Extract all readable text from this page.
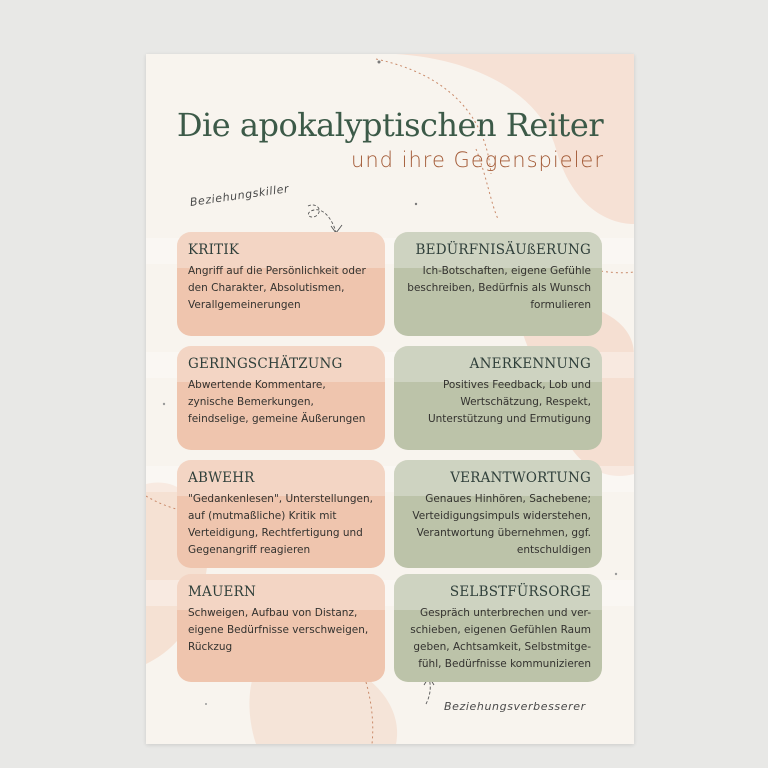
Die apokalyptischen Reiter
und ihre Gegenspieler
Beziehungskiller
KRITIK
Angriff auf die Persönlichkeit oder
den Charakter, Absolutismen,
Verallgemeinerungen
BEDÜRFNISÄUßERUNG
Ich-Botschaften, eigene Gefühle
beschreiben, Bedürfnis als Wunsch
formulieren
GERINGSCHÄTZUNG
Abwertende Kommentare,
zynische Bemerkungen,
feindselige, gemeine Äußerungen
ANERKENNUNG
Positives Feedback, Lob und
Wertschätzung, Respekt,
Unterstützung und Ermutigung
ABWEHR
"Gedankenlesen", Unterstellungen,
auf (mutmaßliche) Kritik mit
Verteidigung, Rechtfertigung und
Gegenangriff reagieren
VERANTWORTUNG
Genaues Hinhören, Sachebene;
Verteidigungsimpuls widerstehen,
Verantwortung übernehmen, ggf.
entschuldigen
MAUERN
Schweigen, Aufbau von Distanz,
eigene Bedürfnisse verschweigen,
Rückzug
SELBSTFÜRSORGE
Gespräch unterbrechen und ver-
schieben, eigenen Gefühlen Raum
geben, Achtsamkeit, Selbstmitge-
fühl, Bedürfnisse kommunizieren
Beziehungsverbesserer
